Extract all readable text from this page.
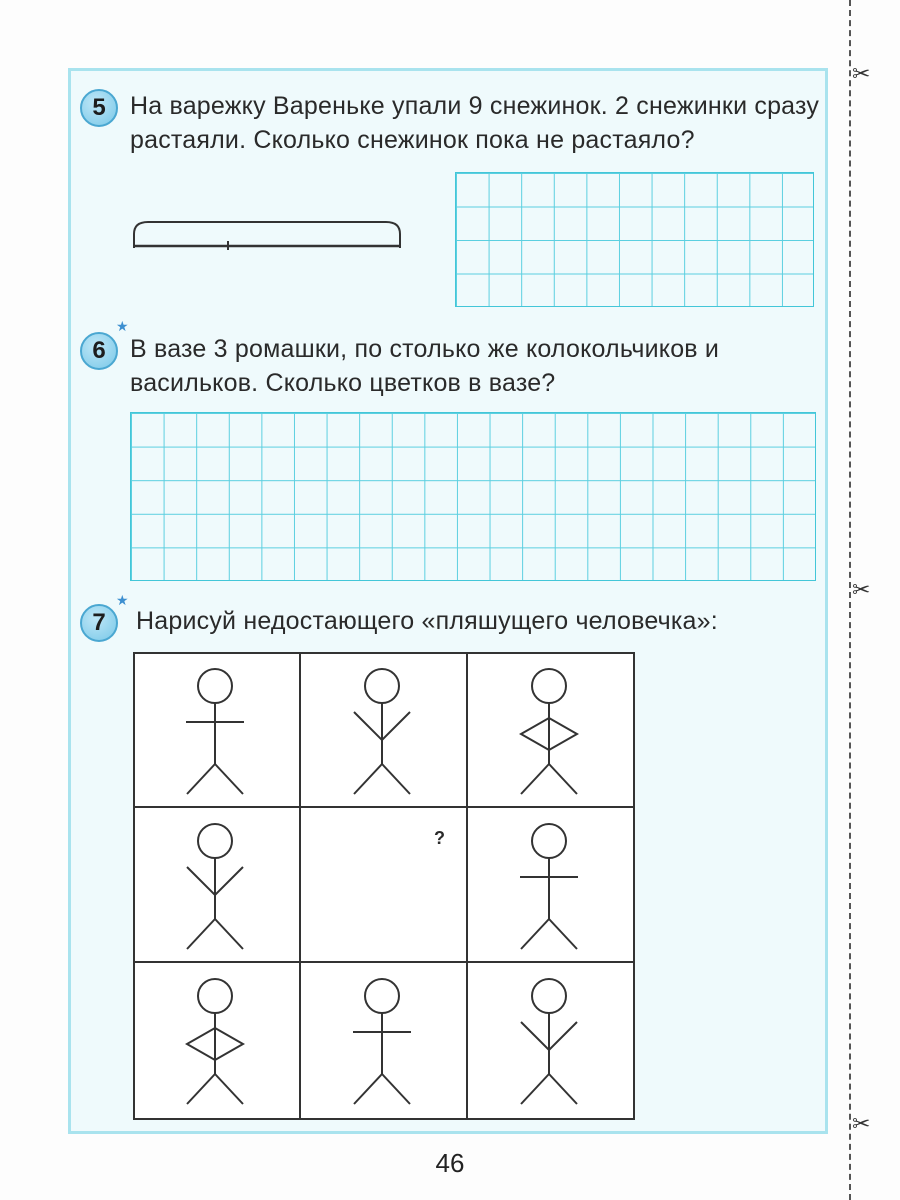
✂
✂
✂
5 На варежку Вареньке упали 9 снежинок. 2 снежинки сразу растаяли. Сколько снежинок пока не растаяло?
★
6 В вазе 3 ромашки, по столько же колокольчиков и васильков. Сколько цветков в вазе?
★
7	Нарисуй недостающего «пляшущего человечка»:
?
46
